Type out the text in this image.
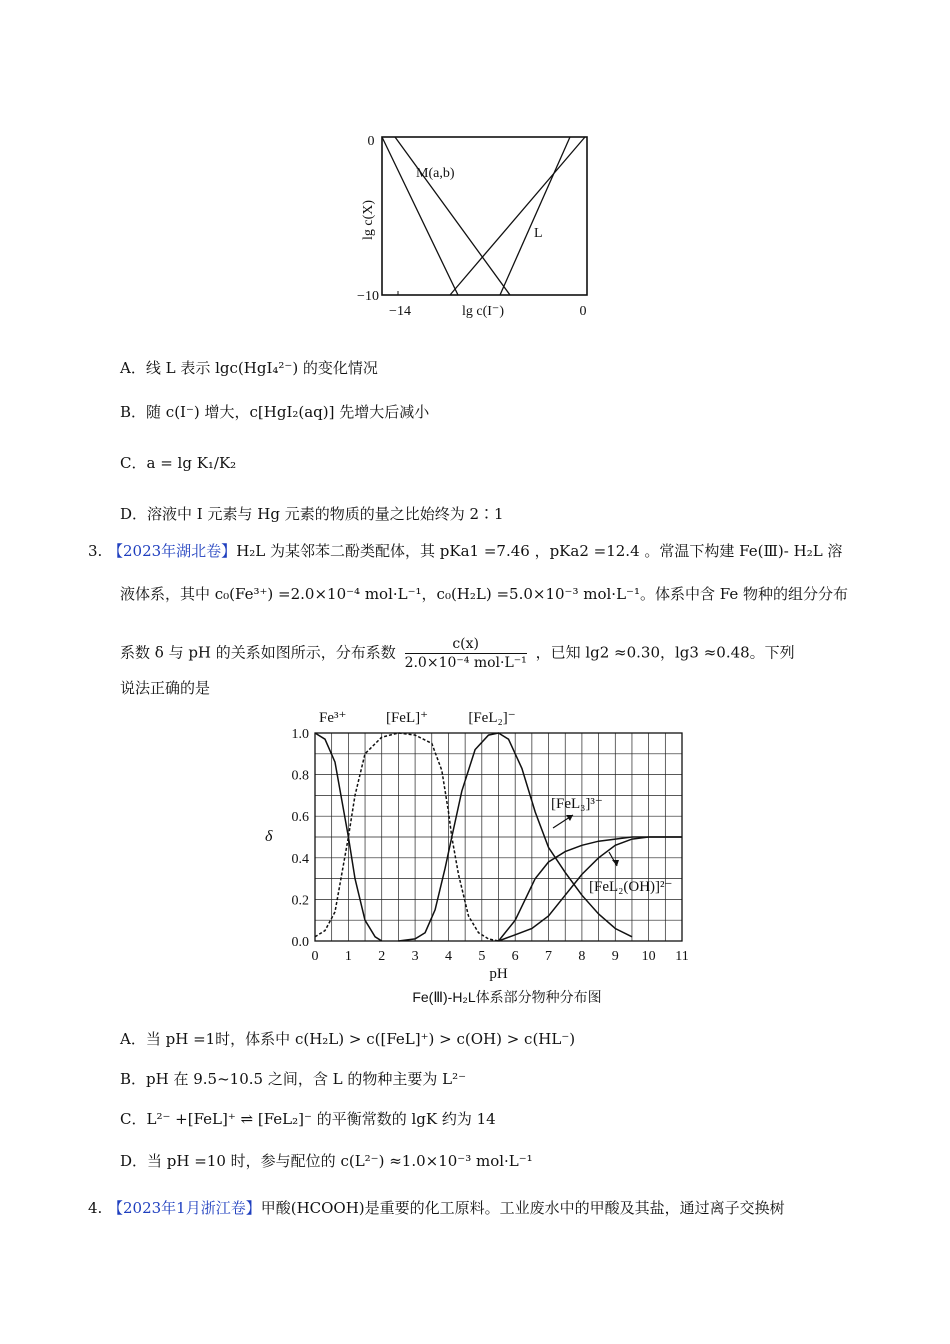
0
−10
−14	0
lg c(I⁻)
lg c(X)
M(a,b)
L
A．线 L 表示 lgc(HgI₄²⁻) 的变化情况
B．随 c(I⁻) 增大，c[HgI₂(aq)] 先增大后减小
C．a = lg K₁/K₂
D．溶液中 I 元素与 Hg 元素的物质的量之比始终为 2∶1
3. 【2023年湖北卷】H₂L 为某邻苯二酚类配体，其 pKa1 =7.46 ，pKa2 =12.4 。常温下构建 Fe(Ⅲ)- H₂L 溶
液体系，其中 c₀(Fe³⁺) =2.0×10⁻⁴ mol·L⁻¹，c₀(H₂L) =5.0×10⁻³ mol·L⁻¹。体系中含 Fe 物种的组分分布
系数 δ 与 pH 的关系如图所示，分布系数	c(x)
2.0×10⁻⁴ mol·L⁻¹
，已知 lg2 ≈0.30，lg3 ≈0.48。下列
说法正确的是
0 1 2 3 4 5 6 7 8 9 10 11
0.0
0.2
0.4
0.6
0.8
1.0
pH
δ
Fe³⁺	[FeL]⁺	[FeL₂]⁻
[FeL₃]³⁻
[FeL₂(OH)]²⁻
Fe(Ⅲ)-H₂L体系部分物种分布图
A．当 pH =1时，体系中 c(H₂L) > c([FeL]⁺) > c(OH) > c(HL⁻)
B．pH 在 9.5~10.5 之间，含 L 的物种主要为 L²⁻
C．L²⁻ +[FeL]⁺ ⇌ [FeL₂]⁻ 的平衡常数的 lgK 约为 14
D．当 pH =10 时，参与配位的 c(L²⁻) ≈1.0×10⁻³ mol·L⁻¹
4. 【2023年1月浙江卷】甲酸(HCOOH)是重要的化工原料。工业废水中的甲酸及其盐，通过离子交换树
